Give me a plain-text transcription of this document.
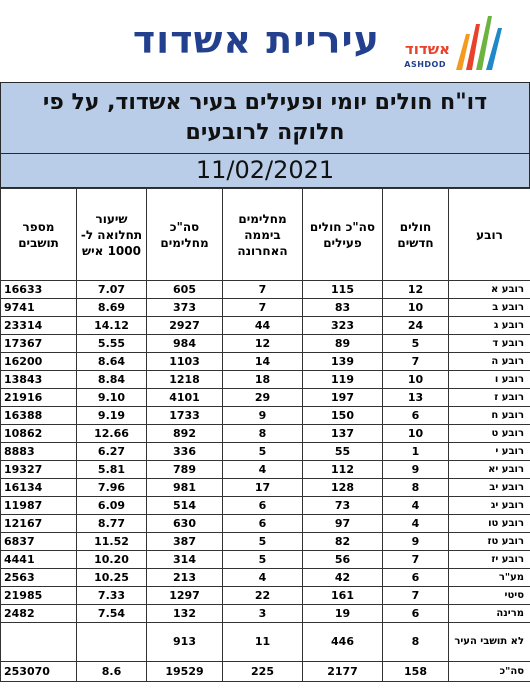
עיריית אשדוד אשדוד
ASHDOD
דו"ח חולים יומי ופעילים בעיר אשדוד, על פי
חלוקה לרובעים
11/02/2021
רובע	חולים חדשים	סה"כ חולים פעילים	מחלימים ביממה האחרונה	סה"כ מחלימים	שיעור תחלואה ל- 1000 איש	מספר תושבים
רובע א	12	115	7	605	7.07	16633
רובע ב	10	83	7	373	8.69	9741
רובע ג	24	323	44	2927	14.12	23314
רובע ד	5	89	12	984	5.55	17367
רובע ה	7	139	14	1103	8.64	16200
רובע ו	10	119	18	1218	8.84	13843
רובע ז	13	197	29	4101	9.10	21916
רובע ח	6	150	9	1733	9.19	16388
רובע ט	10	137	8	892	12.66	10862
רובע י	1	55	5	336	6.27	8883
רובע יא	9	112	4	789	5.81	19327
רובע יב	8	128	17	981	7.96	16134
רובע יג	4	73	6	514	6.09	11987
רובע טו	4	97	6	630	8.77	12167
רובע טז	9	82	5	387	11.52	6837
רובע יז	7	56	5	314	10.20	4441
מע"ר	6	42	4	213	10.25	2563
סיטי	7	161	22	1297	7.33	21985
מרינה	6	19	3	132	7.54	2482
לא תושבי העיר	8	446	11	913		
סה"כ	158	2177	225	19529	8.6	253070
